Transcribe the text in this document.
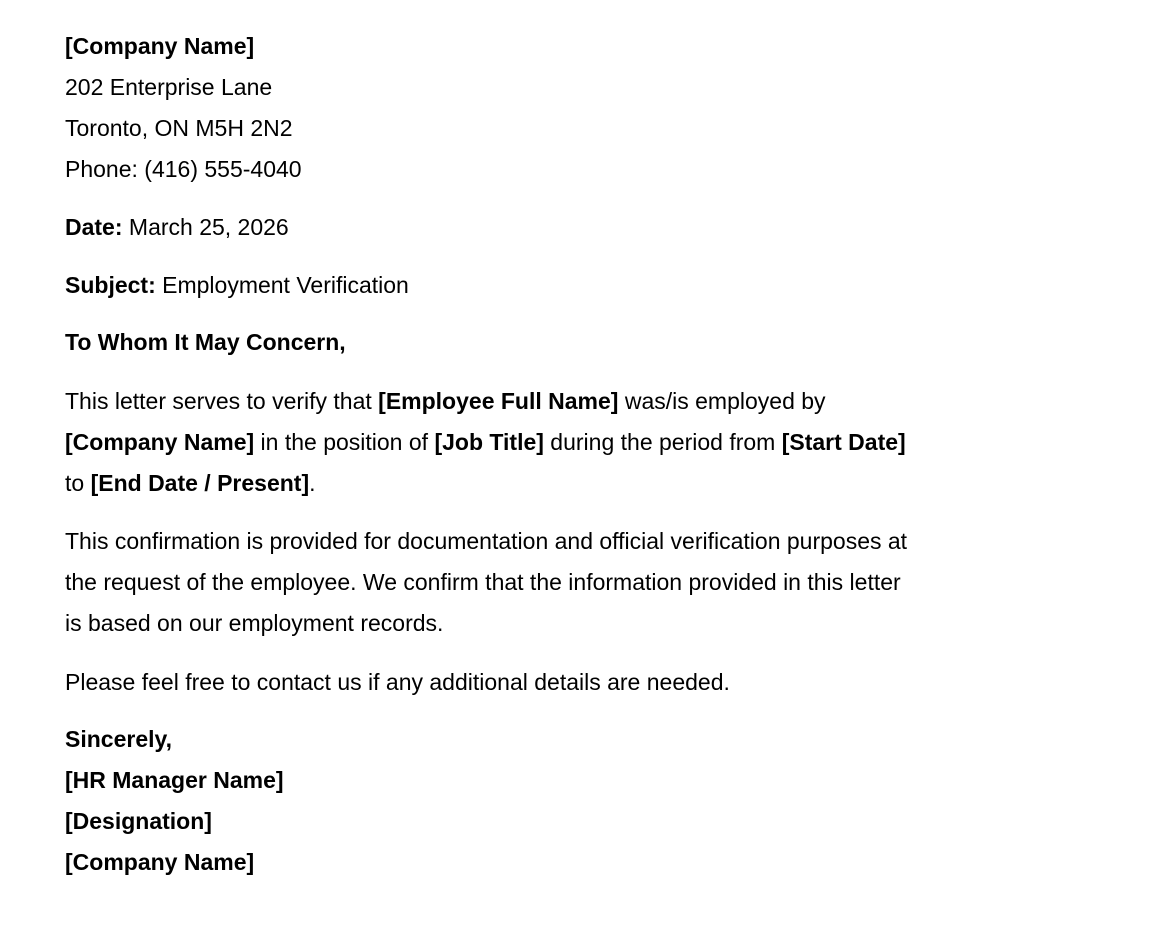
[Company Name]
202 Enterprise Lane
Toronto, ON M5H 2N2
Phone: (416) 555-4040
Date: March 25, 2026
Subject: Employment Verification
To Whom It May Concern,
This letter serves to verify that [Employee Full Name] was/is employed by
[Company Name] in the position of [Job Title] during the period from [Start Date]
to [End Date / Present].
This confirmation is provided for documentation and official verification purposes at
the request of the employee. We confirm that the information provided in this letter
is based on our employment records.
Please feel free to contact us if any additional details are needed.
Sincerely,
[HR Manager Name]
[Designation]
[Company Name]
